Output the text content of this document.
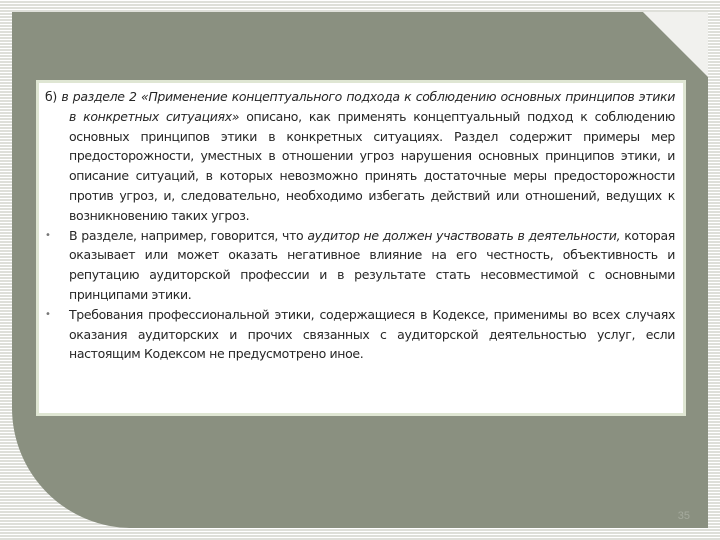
б) в разделе 2 «Применение концептуального подхода к соблюдению основных принципов этики в конкретных ситуациях» описано, как применять концептуальный подход к соблюдению основных принципов этики в конкретных ситуациях. Раздел содержит примеры мер предосторожности, уместных в отношении угроз нарушения основных принципов этики, и описание ситуаций, в которых невозможно принять достаточные меры предосторожности против угроз, и, следовательно, необходимо избегать действий или отношений, ведущих к возникновению таких угроз.
• В разделе, например, говорится, что аудитор не должен участвовать в деятельности, которая оказывает или может оказать негативное влияние на его честность, объективность и репутацию аудиторской профессии и в результате стать несовместимой с основными принципами этики.
• Требования профессиональной этики, содержащиеся в Кодексе, применимы во всех случаях оказания аудиторских и прочих связанных с аудиторской деятельностью услуг, если настоящим Кодексом не предусмотрено иное.
35
